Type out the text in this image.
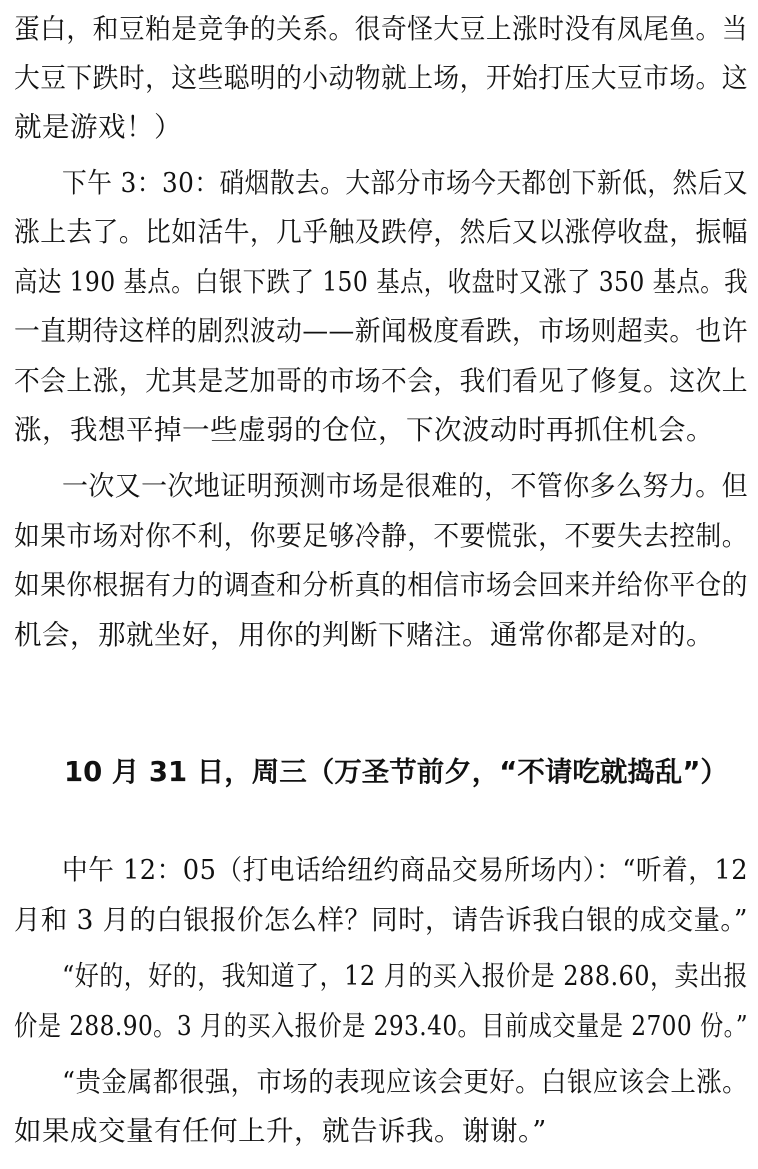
蛋白，和豆粕是竞争的关系。很奇怪大豆上涨时没有凤尾鱼。当
大豆下跌时，这些聪明的小动物就上场，开始打压大豆市场。这
就是游戏！）
下午 3：30：硝烟散去。大部分市场今天都创下新低，然后又
涨上去了。比如活牛，几乎触及跌停，然后又以涨停收盘，振幅
高达 190 基点。白银下跌了 150 基点，收盘时又涨了 350 基点。我
一直期待这样的剧烈波动——新闻极度看跌，市场则超卖。也许
不会上涨，尤其是芝加哥的市场不会，我们看见了修复。这次上
涨，我想平掉一些虚弱的仓位，下次波动时再抓住机会。
一次又一次地证明预测市场是很难的，不管你多么努力。但
如果市场对你不利，你要足够冷静，不要慌张，不要失去控制。
如果你根据有力的调查和分析真的相信市场会回来并给你平仓的
机会，那就坐好，用你的判断下赌注。通常你都是对的。
10 月 31 日，周三（万圣节前夕，“不请吃就捣乱”）
中午 12：05（打电话给纽约商品交易所场内）：“听着，12
月和 3 月的白银报价怎么样？同时，请告诉我白银的成交量。”
“好的，好的，我知道了，12 月的买入报价是 288.60，卖出报
价是 288.90。3 月的买入报价是 293.40。目前成交量是 2700 份。”
“贵金属都很强，市场的表现应该会更好。白银应该会上涨。
如果成交量有任何上升，就告诉我。谢谢。”
